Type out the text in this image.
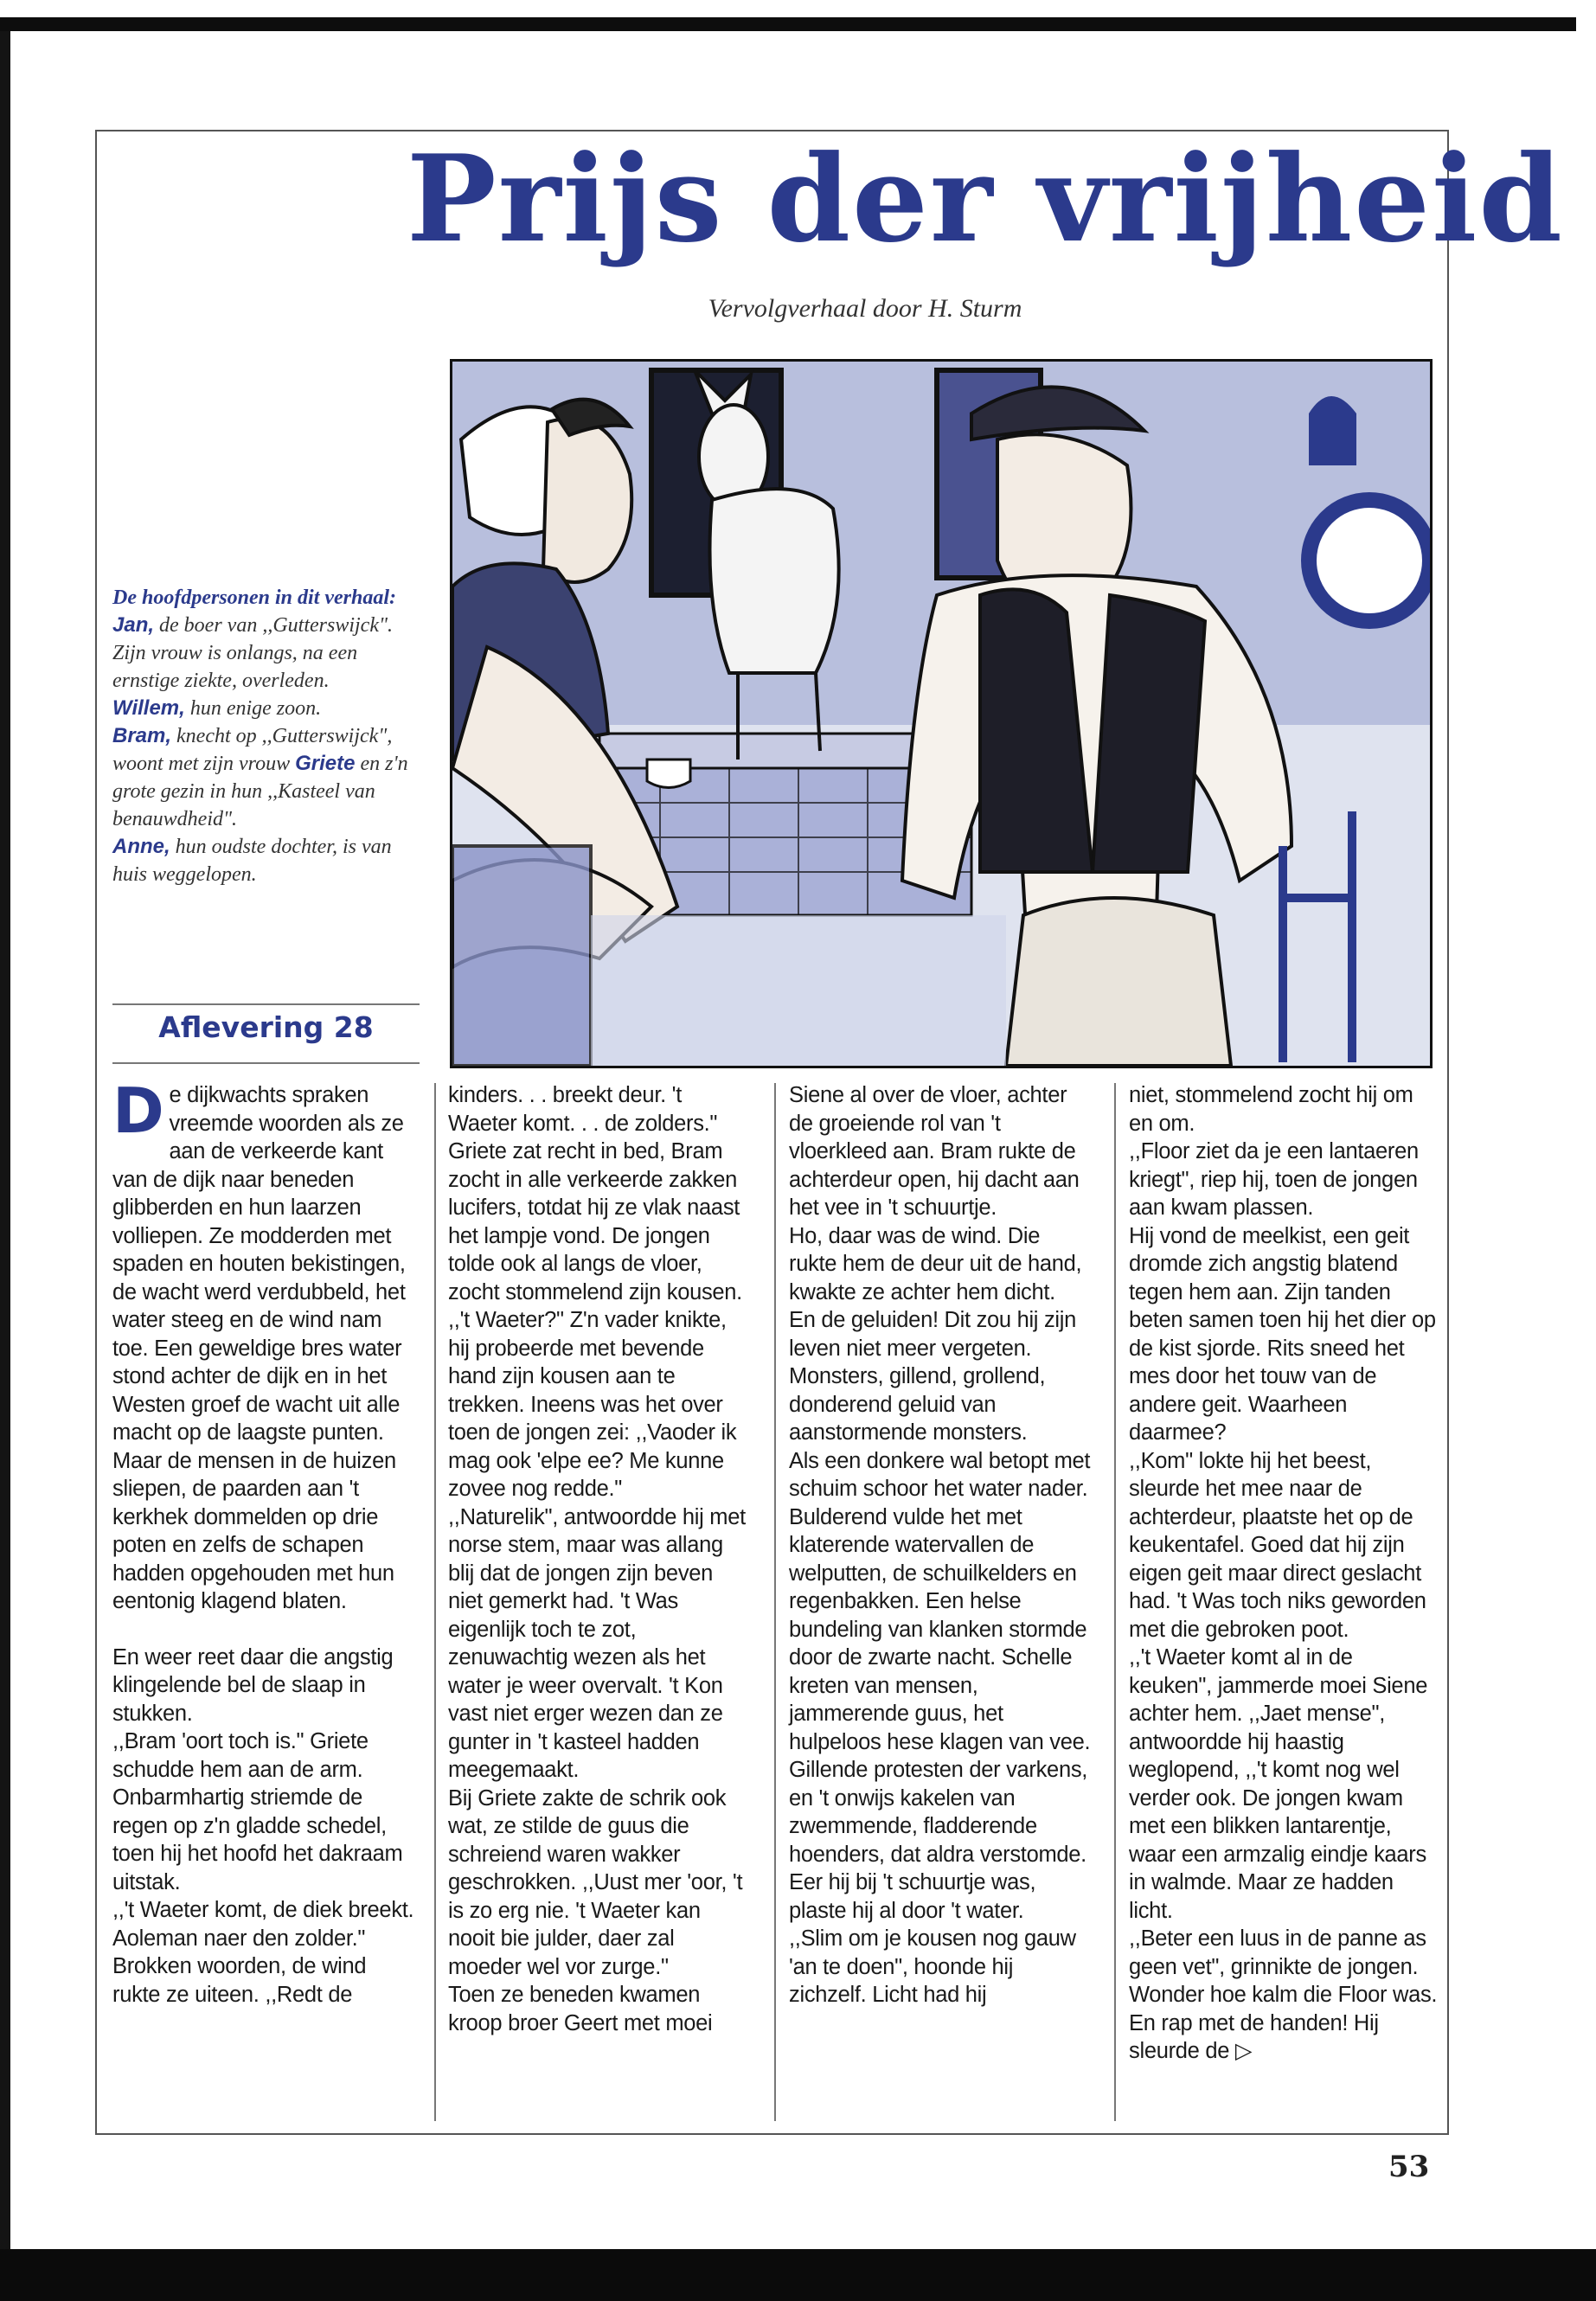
Prijs der vrijheid
Vervolgverhaal door H. Sturm

De hoofdpersonen in dit verhaal:

Jan, de boer van ,,Gutterswijck". Zijn vrouw is onlangs, na een ernstige ziekte, overleden.

Willem, hun enige zoon.

Bram, knecht op ,,Gutterswijck", woont met zijn vrouw Griete en z'n grote gezin in hun ,,Kasteel van benauwdheid".

Anne, hun oudste dochter, is van huis weggelopen.

Aflevering 28

De dijkwachts spraken vreemde woorden als ze aan de verkeerde kant van de dijk naar beneden glibberden en hun laarzen volliepen. Ze modderden met spaden en houten bekistingen, de wacht werd verdubbeld, het water steeg en de wind nam toe. Een geweldige bres water stond achter de dijk en in het Westen groef de wacht uit alle macht op de laagste punten. Maar de mensen in de huizen sliepen, de paarden aan 't kerkhek dommelden op drie poten en zelfs de schapen hadden opgehouden met hun eentonig klagend blaten.

En weer reet daar die angstig klingelende bel de slaap in stukken.
,,Bram 'oort toch is." Griete schudde hem aan de arm. Onbarmhartig striemde de regen op z'n gladde schedel, toen hij het hoofd het dakraam uitstak.
,,'t Waeter komt, de diek breekt. Aoleman naer den zolder."
Brokken woorden, de wind rukte ze uiteen. ,,Redt de

kinders. . . breekt deur. 't Waeter komt. . . de zolders."
Griete zat recht in bed, Bram zocht in alle verkeerde zakken lucifers, totdat hij ze vlak naast het lampje vond. De jongen tolde ook al langs de vloer, zocht stommelend zijn kousen.
,,'t Waeter?" Z'n vader knikte, hij probeerde met bevende hand zijn kousen aan te trekken. Ineens was het over toen de jongen zei: ,,Vaoder ik mag ook 'elpe ee? Me kunne zovee nog redde."
,,Naturelik", antwoordde hij met norse stem, maar was allang blij dat de jongen zijn beven niet gemerkt had. 't Was eigenlijk toch te zot, zenuwachtig wezen als het water je weer overvalt. 't Kon vast niet erger wezen dan ze gunter in 't kasteel hadden meegemaakt.
Bij Griete zakte de schrik ook wat, ze stilde de guus die schreiend waren wakker geschrokken. ,,Uust mer 'oor, 't is zo erg nie. 't Waeter kan nooit bie julder, daer zal moeder wel vor zurge."
Toen ze beneden kwamen kroop broer Geert met moei

Siene al over de vloer, achter de groeiende rol van 't vloerkleed aan. Bram rukte de achterdeur open, hij dacht aan het vee in 't schuurtje.
Ho, daar was de wind. Die rukte hem de deur uit de hand, kwakte ze achter hem dicht.
En de geluiden! Dit zou hij zijn leven niet meer vergeten. Monsters, gillend, grollend, donderend geluid van aanstormende monsters.
Als een donkere wal betopt met schuim schoor het water nader. Bulderend vulde het met klaterende watervallen de welputten, de schuilkelders en regenbakken. Een helse bundeling van klanken stormde door de zwarte nacht. Schelle kreten van mensen, jammerende guus, het hulpeloos hese klagen van vee. Gillende protesten der varkens, en 't onwijs kakelen van zwemmende, fladderende hoenders, dat aldra verstomde.
Eer hij bij 't schuurtje was, plaste hij al door 't water.
,,Slim om je kousen nog gauw 'an te doen", hoonde hij zichzelf. Licht had hij

niet, stommelend zocht hij om en om.
,,Floor ziet da je een lantaeren kriegt", riep hij, toen de jongen aan kwam plassen.
Hij vond de meelkist, een geit dromde zich angstig blatend tegen hem aan. Zijn tanden beten samen toen hij het dier op de kist sjorde. Rits sneed het mes door het touw van de andere geit. Waarheen daarmee?
,,Kom" lokte hij het beest, sleurde het mee naar de achterdeur, plaatste het op de keukentafel. Goed dat hij zijn eigen geit maar direct geslacht had. 't Was toch niks geworden met die gebroken poot.
,,'t Waeter komt al in de keuken", jammerde moei Siene achter hem. ,,Jaet mense", antwoordde hij haastig weglopend, ,,'t komt nog wel verder ook. De jongen kwam met een blikken lantarentje, waar een armzalig eindje kaars in walmde. Maar ze hadden licht.
,,Beter een luus in de panne as geen vet", grinnikte de jongen. Wonder hoe kalm die Floor was. En rap met de handen! Hij sleurde de ▷

53
